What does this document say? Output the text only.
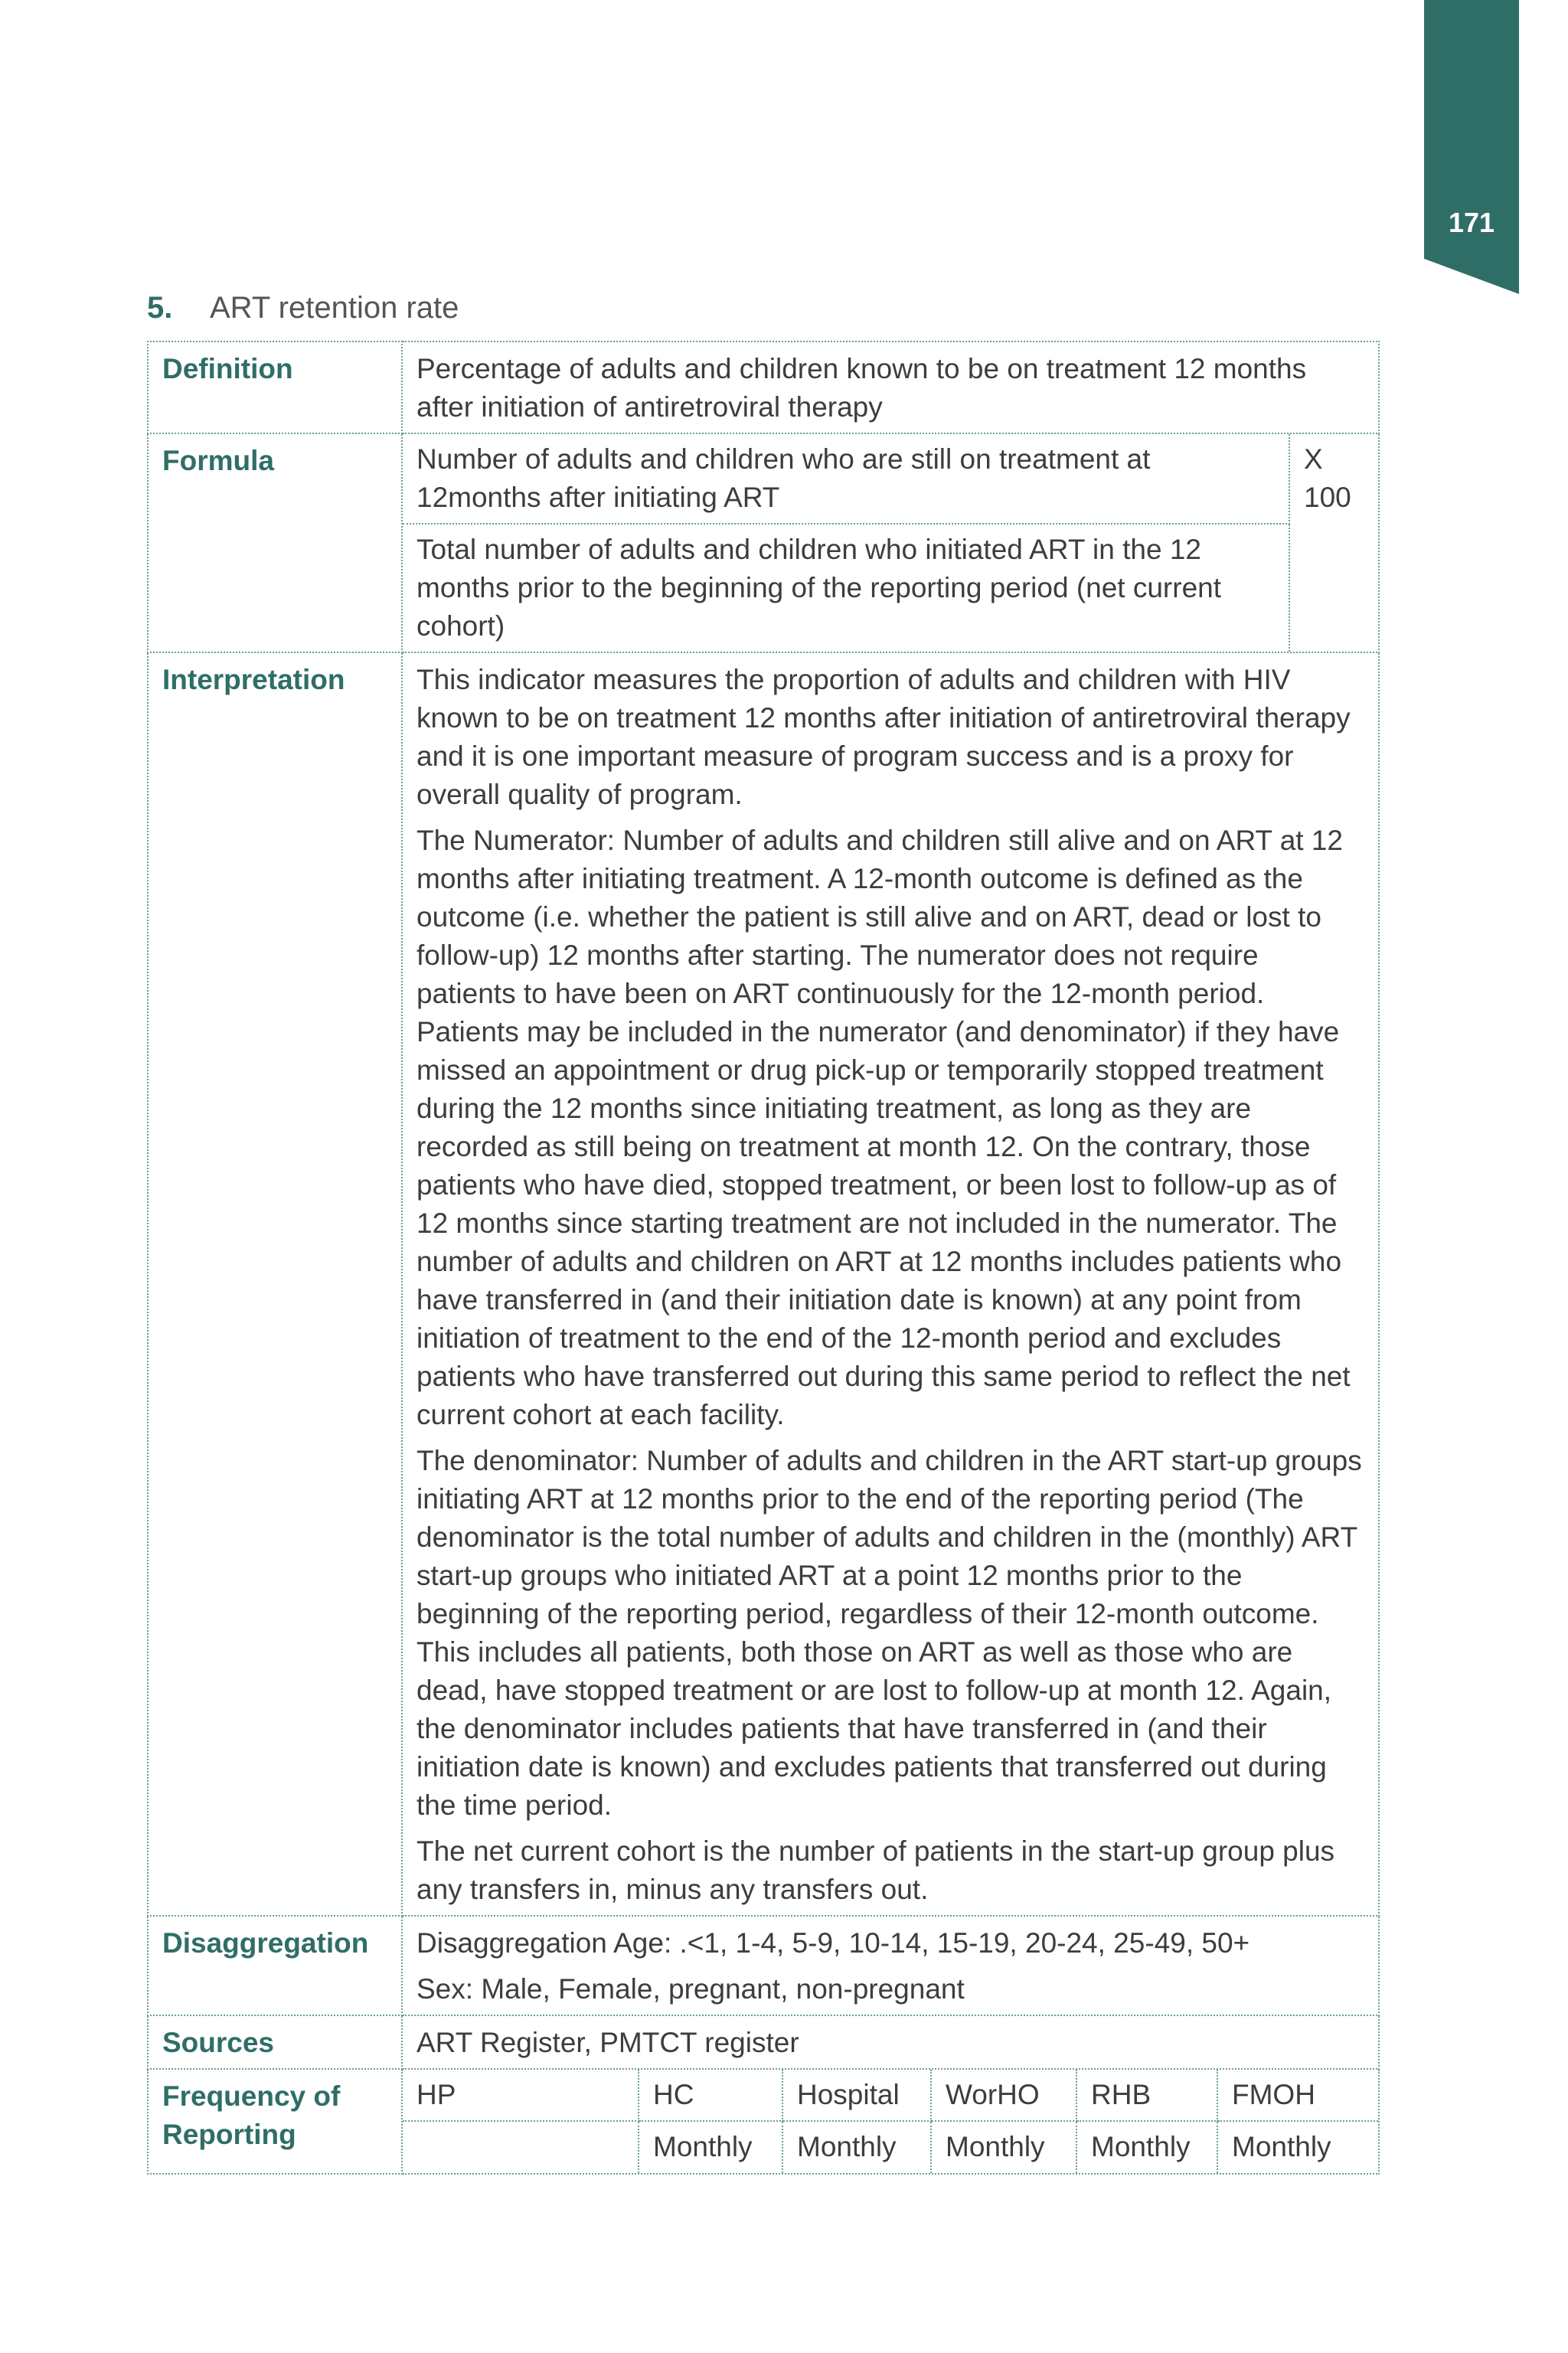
171
5.	ART retention rate
Definition	Percentage of adults and children known to be on treatment 12 months after initiation of antiretroviral therapy
Formula		Number of adults and children who are still on treatment at 12months after initiating ART	
X
100

Total number of adults and children who initiated ART in the 12 months prior to the beginning of the reporting period (net current cohort)

Interpretation	This indicator measures the proportion of adults and children with HIV known to be on treatment 12 months after initiation of antiretroviral therapy and it is one important measure of program success and is a proxy for overall quality of program.

The Numerator: Number of adults and children still alive and on ART at 12 months after initiating treatment. A 12-month outcome is defined as the outcome (i.e. whether the patient is still alive and on ART, dead or lost to follow-up) 12 months after starting. The numerator does not require patients to have been on ART continuously for the 12-month period. Patients may be included in the numerator (and denominator) if they have missed an appointment or drug pick-up or temporarily stopped treatment during the 12 months since initiating treatment, as long as they are recorded as still being on treatment at month 12. On the contrary, those patients who have died, stopped treatment, or been lost to follow-up as of 12 months since starting treatment are not included in the numerator. The number of adults and children on ART at 12 months includes patients who have transferred in (and their initiation date is known) at any point from initiation of treatment to the end of the 12-month period and excludes patients who have transferred out during this same period to reflect the net current cohort at each facility.

The denominator: Number of adults and children in the ART start-up groups initiating ART at 12 months prior to the end of the reporting period (The denominator is the total number of adults and children in the (monthly) ART start-up groups who initiated ART at a point 12 months prior to the beginning of the reporting period, regardless of their 12-month outcome. This includes all patients, both those on ART as well as those who are dead, have stopped treatment or are lost to follow-up at month 12. Again, the denominator includes patients that have transferred in (and their initiation date is known) and excludes patients that transferred out during the time period.

The net current cohort is the number of patients in the start-up group plus any transfers in, minus any transfers out.

Disaggregation	Disaggregation Age: .<1, 1-4, 5-9, 10-14, 15-19, 20-24, 25-49, 50+

Sex: Male, Female, pregnant, non-pregnant

Sources	ART Register, PMTCT register

Frequency of
Reporting

HP	HC	Hospital	WorHO	RHB	FMOH
	Monthly	Monthly	Monthly	Monthly	Monthly
